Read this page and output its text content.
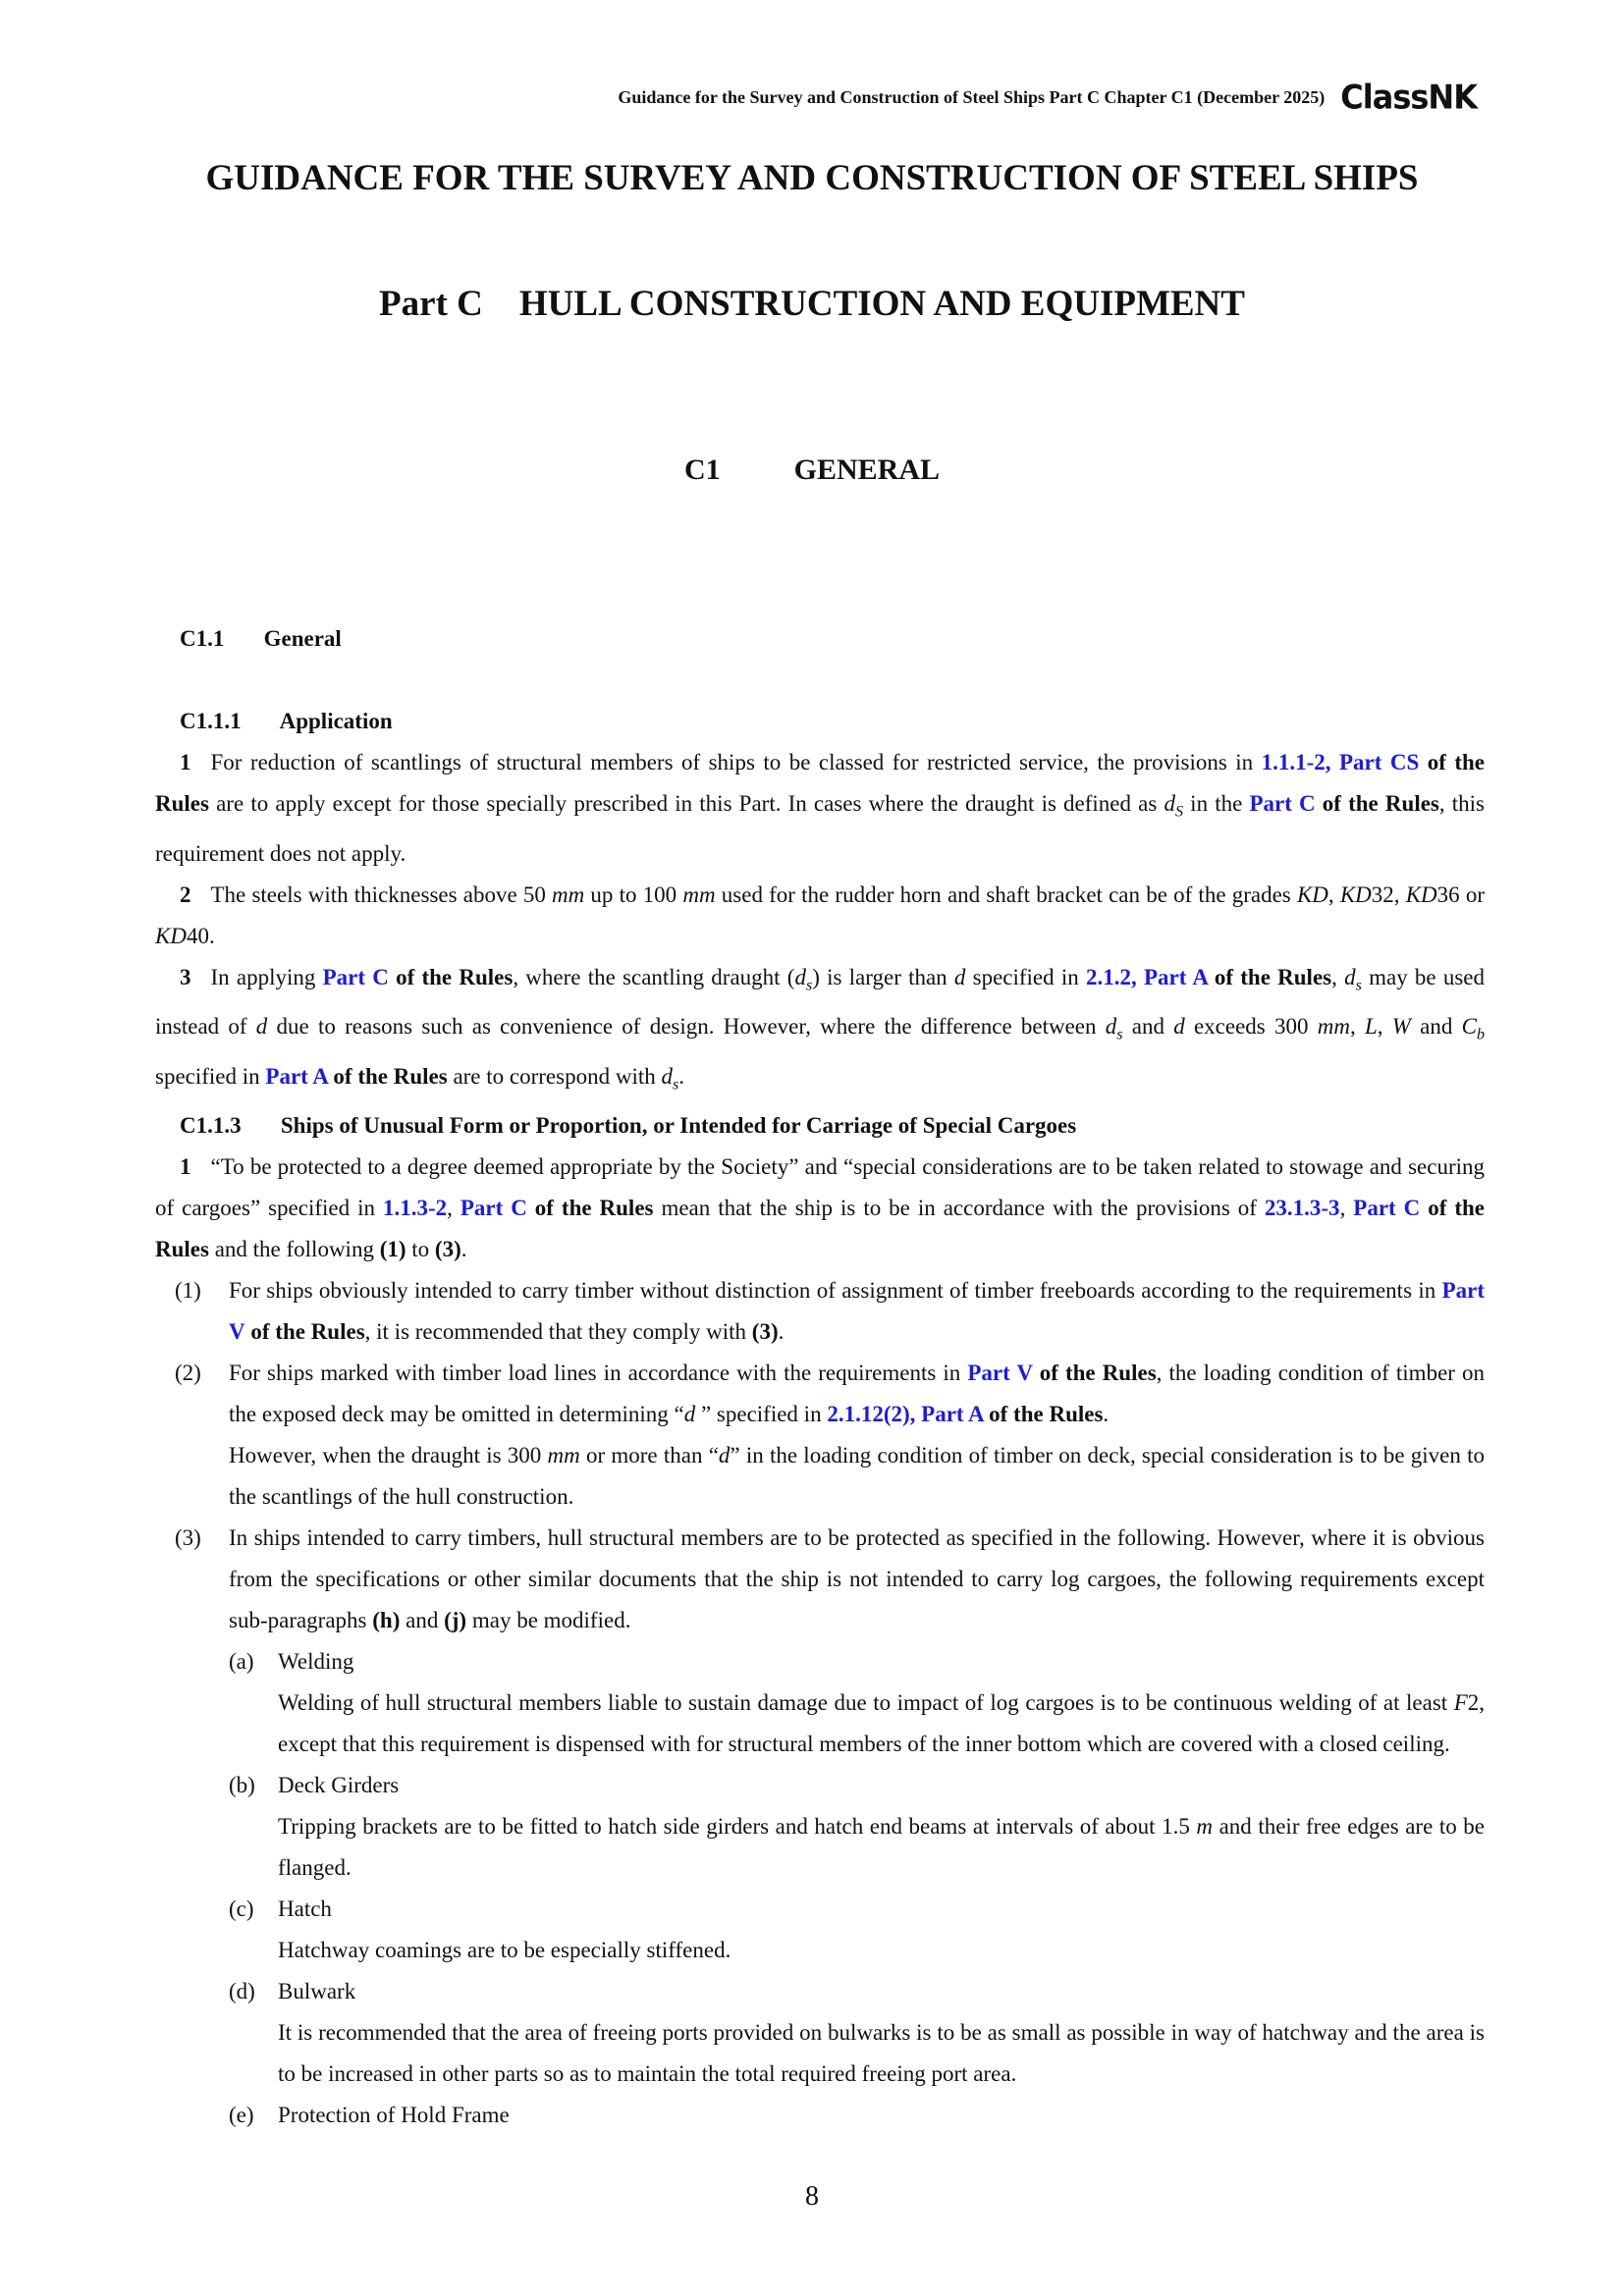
Guidance for the Survey and Construction of Steel Ships Part C Chapter C1 (December 2025) ClassNK
GUIDANCE FOR THE SURVEY AND CONSTRUCTION OF STEEL SHIPS
Part C    HULL CONSTRUCTION AND EQUIPMENT
C1          GENERAL
C1.1 General
C1.1.1 Application
1 For reduction of scantlings of structural members of ships to be classed for restricted service, the provisions in 1.1.1-2, Part CS of the Rules are to apply except for those specially prescribed in this Part. In cases where the draught is defined as $d_S$ in the Part C of the Rules, this requirement does not apply.
2 The steels with thicknesses above 50 mm up to 100 mm used for the rudder horn and shaft bracket can be of the grades KD, KD32, KD36 or KD40.
3 In applying Part C of the Rules, where the scantling draught $(d_s)$ is larger than d specified in 2.1.2, Part A of the Rules, $d_s$ may be used instead of d due to reasons such as convenience of design. However, where the difference between $d_s$ and d exceeds 300 mm, L, W and $C_b$ specified in Part A of the Rules are to correspond with $d_s$.
C1.1.3 Ships of Unusual Form or Proportion, or Intended for Carriage of Special Cargoes
1 “To be protected to a degree deemed appropriate by the Society” and “special considerations are to be taken related to stowage and securing of cargoes” specified in 1.1.3-2, Part C of the Rules mean that the ship is to be in accordance with the provisions of 23.1.3-3, Part C of the Rules and the following (1) to (3).
(1) For ships obviously intended to carry timber without distinction of assignment of timber freeboards according to the requirements in Part V of the Rules, it is recommended that they comply with (3).
(2) For ships marked with timber load lines in accordance with the requirements in Part V of the Rules, the loading condition of timber on the exposed deck may be omitted in determining “d ” specified in 2.1.12(2), Part A of the Rules.
However, when the draught is 300 mm or more than “d” in the loading condition of timber on deck, special consideration is to be given to the scantlings of the hull construction.
(3) In ships intended to carry timbers, hull structural members are to be protected as specified in the following. However, where it is obvious from the specifications or other similar documents that the ship is not intended to carry log cargoes, the following requirements except sub-paragraphs (h) and (j) may be modified.
(a) Welding
Welding of hull structural members liable to sustain damage due to impact of log cargoes is to be continuous welding of at least F2, except that this requirement is dispensed with for structural members of the inner bottom which are covered with a closed ceiling.
(b) Deck Girders
Tripping brackets are to be fitted to hatch side girders and hatch end beams at intervals of about 1.5 m and their free edges are to be flanged.
(c) Hatch
Hatchway coamings are to be especially stiffened.
(d) Bulwark
It is recommended that the area of freeing ports provided on bulwarks is to be as small as possible in way of hatchway and the area is to be increased in other parts so as to maintain the total required freeing port area.
(e) Protection of Hold Frame
8
